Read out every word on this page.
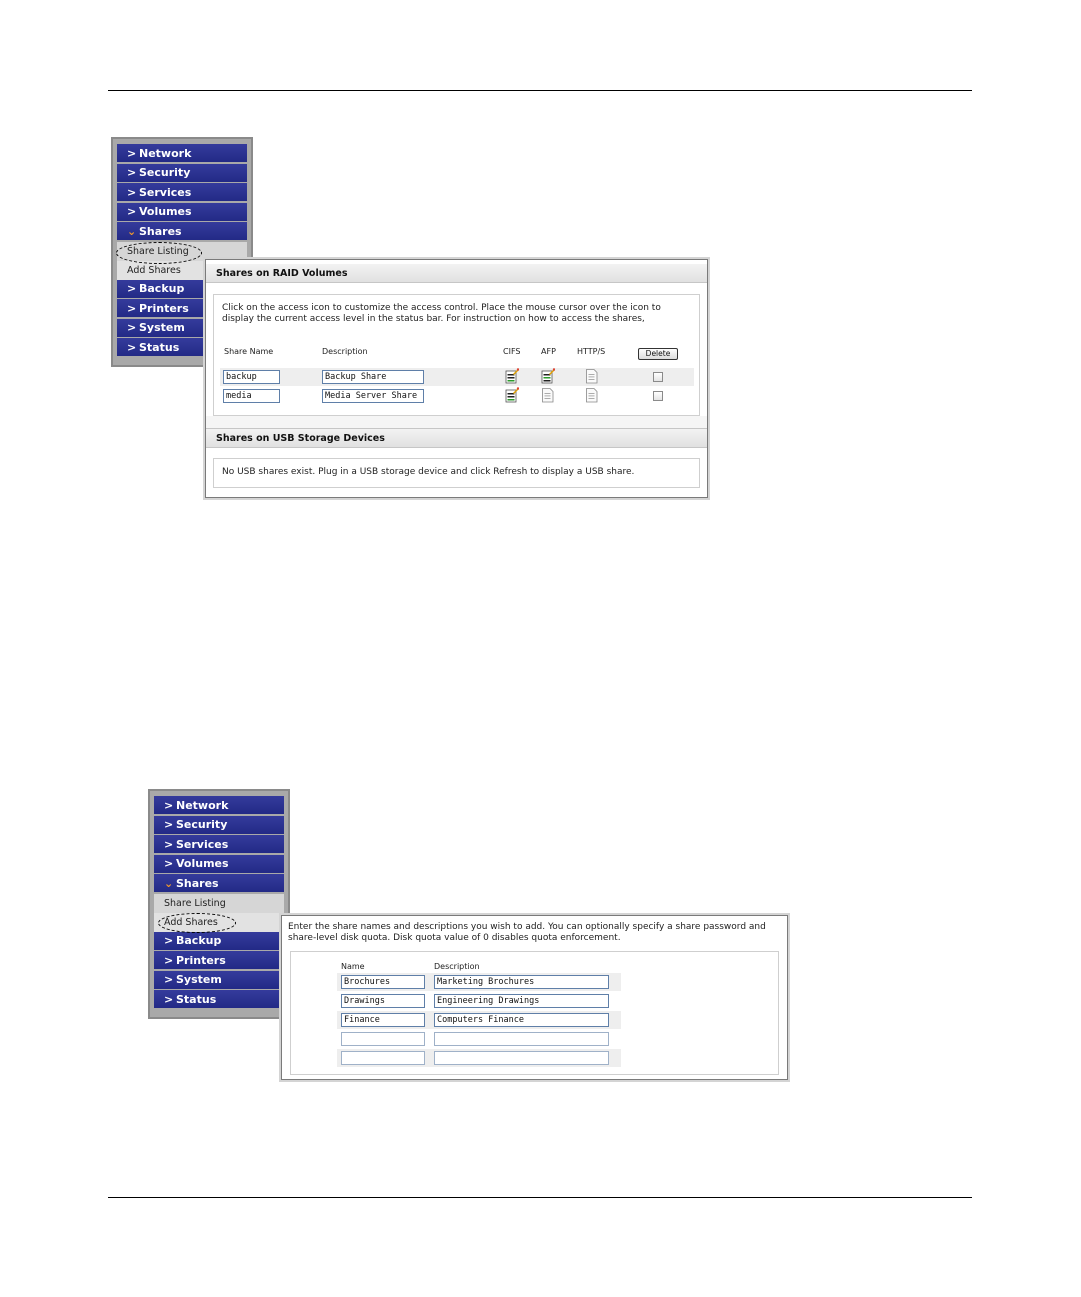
> Network
> Security
> Services
> Volumes
⌄ Shares
Share Listing
Add Shares
> Backup
> Printers
> System
> Status
Shares on RAID Volumes
Click on the access icon to customize the access control. Place the mouse cursor over the icon to display the current access level in the status bar. For instruction on how to access the shares,
Share Name	Description	CIFS	AFP	HTTP/S	Delete
backup	Backup Share
media	Media Server Share
Shares on USB Storage Devices
No USB shares exist. Plug in a USB storage device and click Refresh to display a USB share.
> Network
> Security
> Services
> Volumes
⌄ Shares
Share Listing
Add Shares
> Backup
> Printers
> System
> Status
Enter the share names and descriptions you wish to add. You can optionally specify a share password and share-level disk quota. Disk quota value of 0 disables quota enforcement.
Name	Description
Brochures	Marketing Brochures
Drawings	Engineering Drawings
Finance	Computers Finance
